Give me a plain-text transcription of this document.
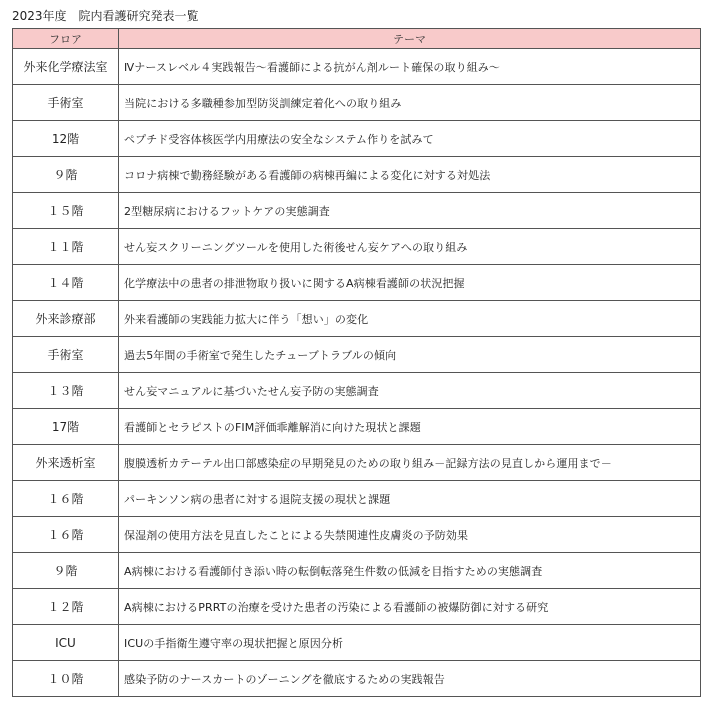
2023年度　院内看護研究発表一覧
フロア	テーマ
外来化学療法室	Ⅳナースレベル４実践報告～看護師による抗がん剤ルート確保の取り組み～
手術室	当院における多職種参加型防災訓練定着化への取り組み
12階	ペプチド受容体核医学内用療法の安全なシステム作りを試みて
９階	コロナ病棟で勤務経験がある看護師の病棟再編による変化に対する対処法
１５階	2型糖尿病におけるフットケアの実態調査
１１階	せん妄スクリーニングツールを使用した術後せん妄ケアへの取り組み
１４階	化学療法中の患者の排泄物取り扱いに関するA病棟看護師の状況把握
外来診療部	外来看護師の実践能力拡大に伴う「想い」の変化
手術室	過去5年間の手術室で発生したチューブトラブルの傾向
１３階	せん妄マニュアルに基づいたせん妄予防の実態調査
17階	看護師とセラピストのFIM評価乖離解消に向けた現状と課題
外来透析室	腹膜透析カテーテル出口部感染症の早期発見のための取り組み－記録方法の見直しから運用まで－
１６階	パーキンソン病の患者に対する退院支援の現状と課題
１６階	保湿剤の使用方法を見直したことによる失禁関連性皮膚炎の予防効果
９階	A病棟における看護師付き添い時の転倒転落発生件数の低減を目指すための実態調査
１２階	A病棟におけるPRRTの治療を受けた患者の汚染による看護師の被爆防御に対する研究
ICU	ICUの手指衛生遵守率の現状把握と原因分析
１０階	感染予防のナースカートのゾーニングを徹底するための実践報告
